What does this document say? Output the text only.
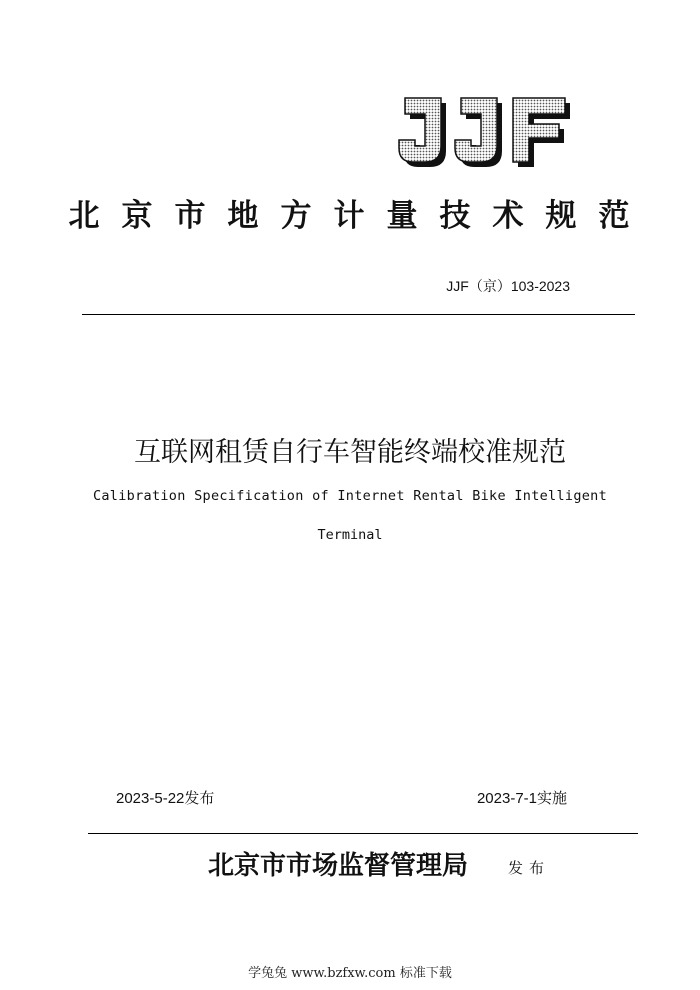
北京市地方计量技术规范
JJF（京）103-2023
互联网租赁自行车智能终端校准规范
Calibration Specification of Internet Rental Bike Intelligent
Terminal
2023-5-22发布	2023-7-1实施
北京市市场监督管理局	发布
学兔兔 www.bzfxw.com 标准下载
